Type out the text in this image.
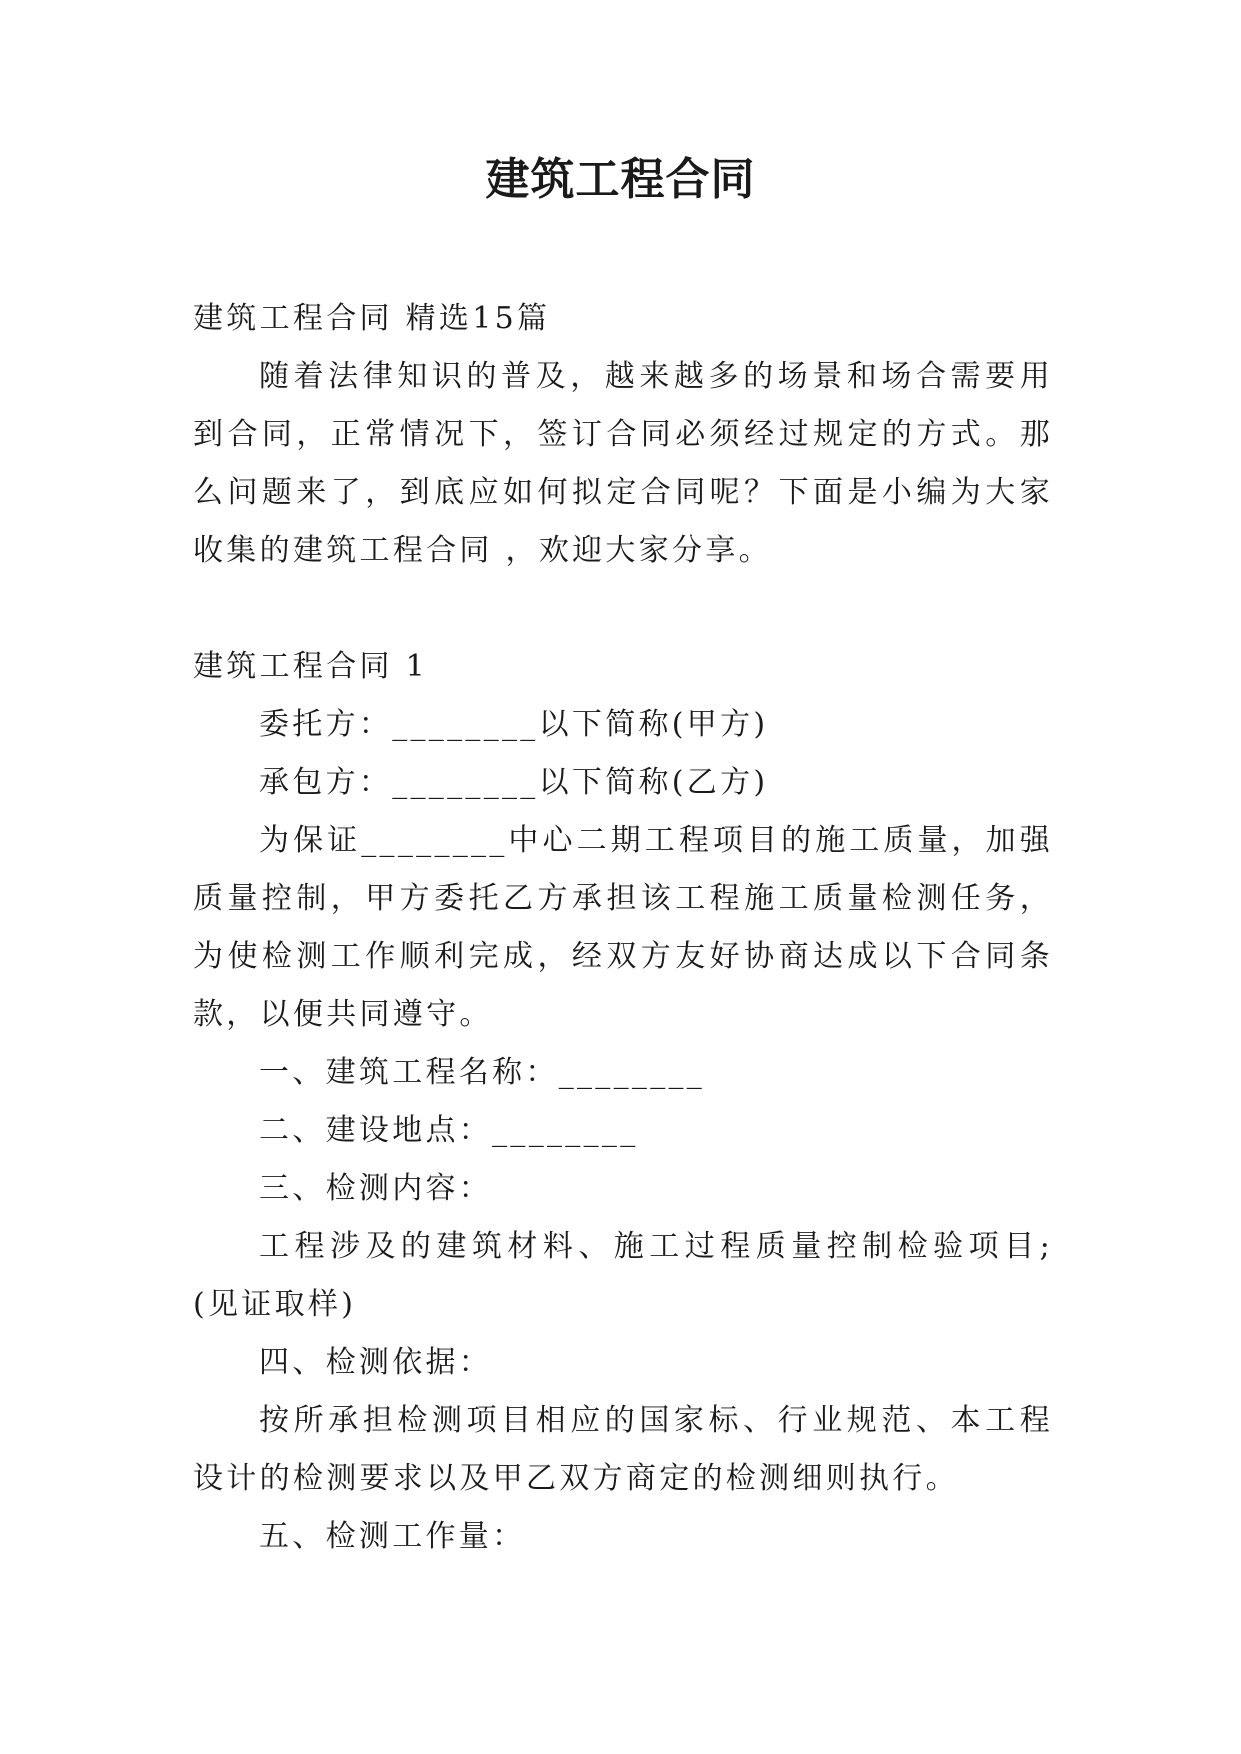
建筑工程合同

建筑工程合同 精选15篇

随着法律知识的普及，越来越多的场景和场合需要用到合同，正常情况下，签订合同必须经过规定的方式。那么问题来了，到底应如何拟定合同呢？下面是小编为大家收集的建筑工程合同 ，欢迎大家分享。

建筑工程合同 1

委托方：________以下简称(甲方)

承包方：________以下简称(乙方)

为保证________中心二期工程项目的施工质量，加强质量控制，甲方委托乙方承担该工程施工质量检测任务，为使检测工作顺利完成，经双方友好协商达成以下合同条款，以便共同遵守。

一、建筑工程名称：________

二、建设地点：________

三、检测内容：

工程涉及的建筑材料、施工过程质量控制检验项目;(见证取样)

四、检测依据：

按所承担检测项目相应的国家标、行业规范、本工程设计的检测要求以及甲乙双方商定的检测细则执行。

五、检测工作量：
